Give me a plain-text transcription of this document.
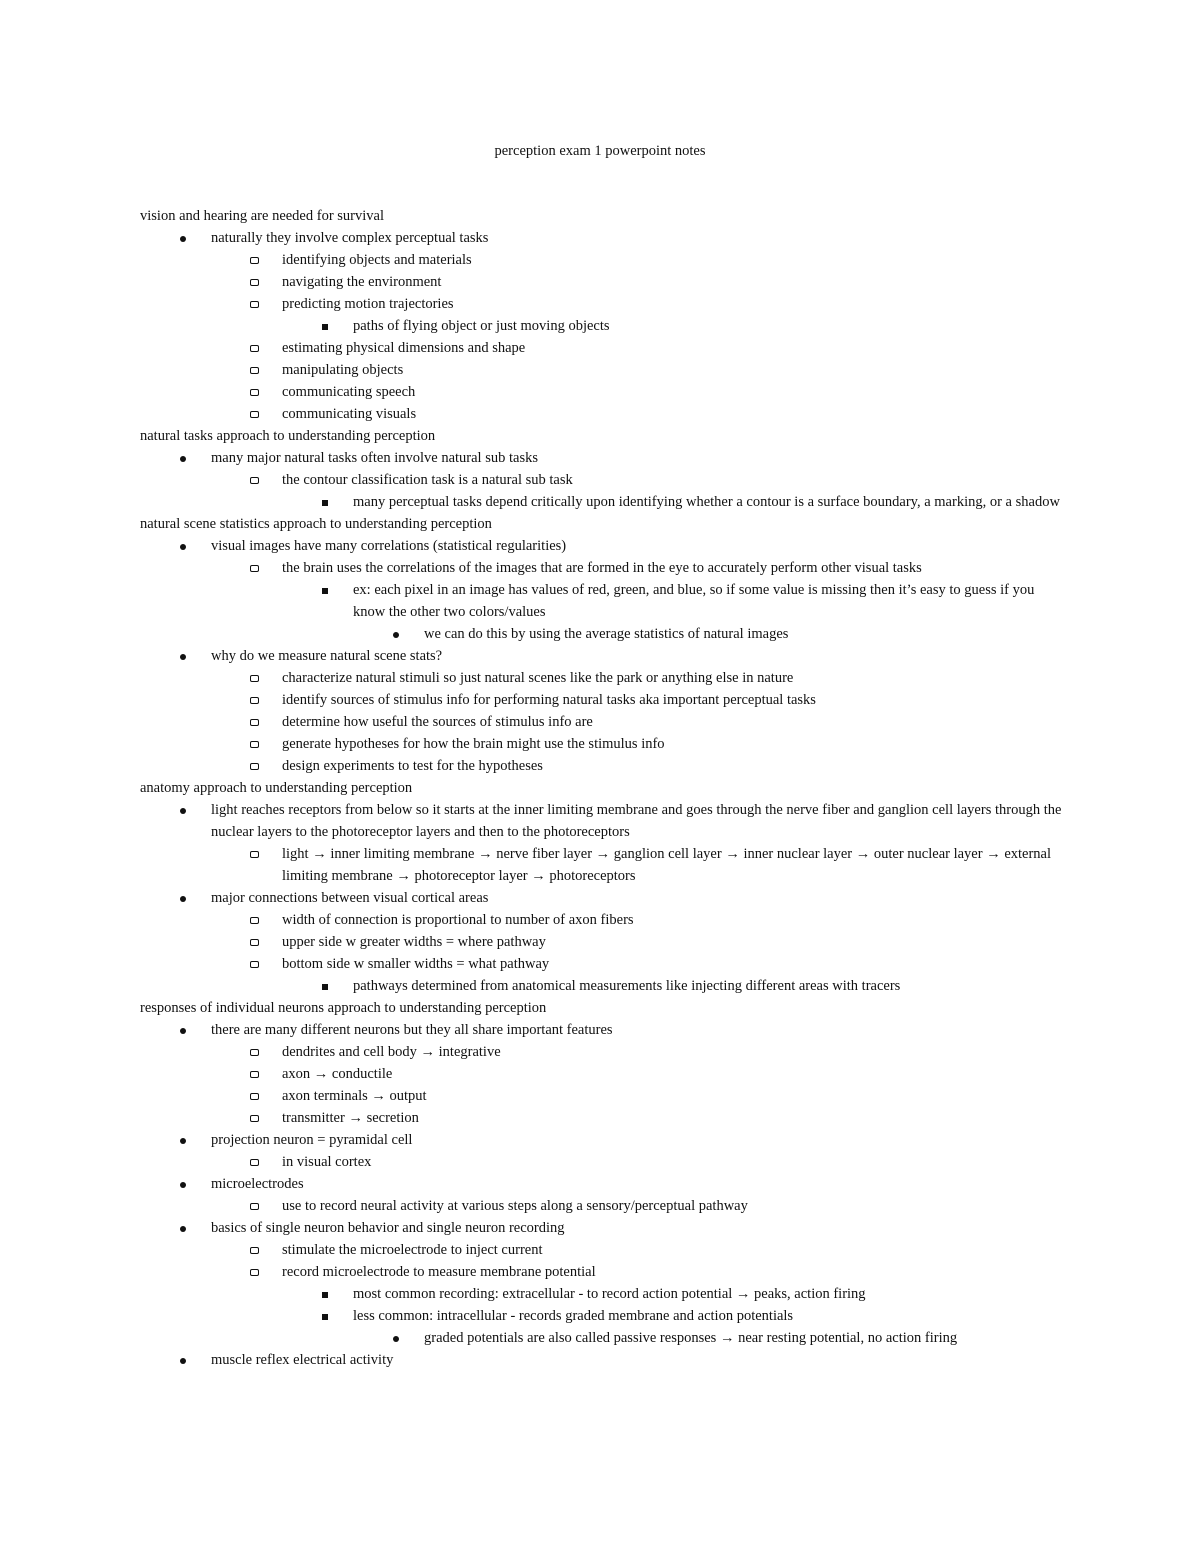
perception exam 1 powerpoint notes
vision and hearing are needed for survival
naturally they involve complex perceptual tasks
identifying objects and materials
navigating the environment
predicting motion trajectories
paths of flying object or just moving objects
estimating physical dimensions and shape
manipulating objects
communicating speech
communicating visuals
natural tasks approach to understanding perception
many major natural tasks often involve natural sub tasks
the contour classification task is a natural sub task
many perceptual tasks depend critically upon identifying whether a contour is a surface boundary, a marking, or a shadow
natural scene statistics approach to understanding perception
visual images have many correlations (statistical regularities)
the brain uses the correlations of the images that are formed in the eye to accurately perform other visual tasks
ex: each pixel in an image has values of red, green, and blue, so if some value is missing then it’s easy to guess if you know the other two colors/values
we can do this by using the average statistics of natural images
why do we measure natural scene stats?
characterize natural stimuli so just natural scenes like the park or anything else in nature
identify sources of stimulus info for performing natural tasks aka important perceptual tasks
determine how useful the sources of stimulus info are
generate hypotheses for how the brain might use the stimulus info
design experiments to test for the hypotheses
anatomy approach to understanding perception
light reaches receptors from below so it starts at the inner limiting membrane and goes through the nerve fiber and ganglion cell layers through the nuclear layers to the photoreceptor layers and then to the photoreceptors
light → inner limiting membrane → nerve fiber layer → ganglion cell layer → inner nuclear layer → outer nuclear layer → external limiting membrane → photoreceptor layer → photoreceptors
major connections between visual cortical areas
width of connection is proportional to number of axon fibers
upper side w greater widths = where pathway
bottom side w smaller widths = what pathway
pathways determined from anatomical measurements like injecting different areas with tracers
responses of individual neurons approach to understanding perception
there are many different neurons but they all share important features
dendrites and cell body → integrative
axon → conductile
axon terminals → output
transmitter → secretion
projection neuron = pyramidal cell
in visual cortex
microelectrodes
use to record neural activity at various steps along a sensory/perceptual pathway
basics of single neuron behavior and single neuron recording
stimulate the microelectrode to inject current
record microelectrode to measure membrane potential
most common recording: extracellular - to record action potential → peaks, action firing
less common: intracellular - records graded membrane and action potentials
graded potentials are also called passive responses → near resting potential, no action firing
muscle reflex electrical activity
